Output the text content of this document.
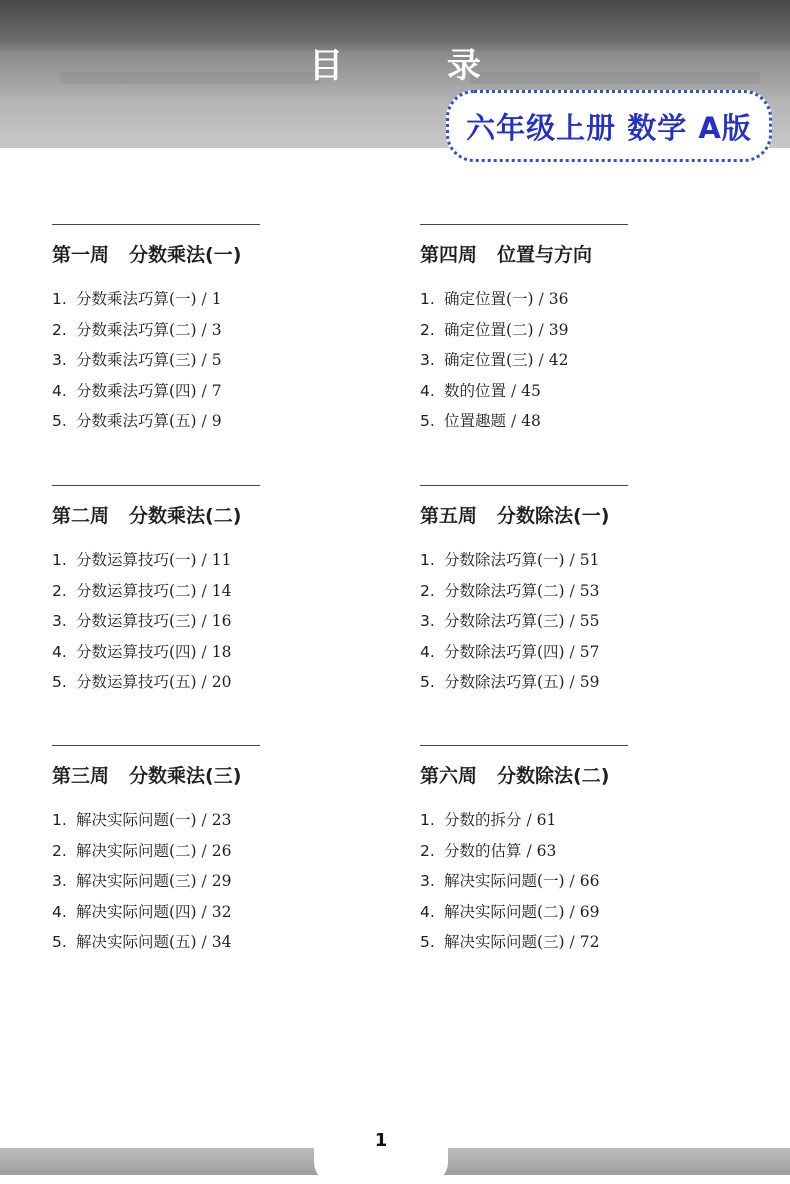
目 录
六年级上册 数学 A版
第一周 分数乘法(一)
1. 分数乘法巧算(一) / 1
2. 分数乘法巧算(二) / 3
3. 分数乘法巧算(三) / 5
4. 分数乘法巧算(四) / 7
5. 分数乘法巧算(五) / 9
第四周 位置与方向
1. 确定位置(一) / 36
2. 确定位置(二) / 39
3. 确定位置(三) / 42
4. 数的位置 / 45
5. 位置趣题 / 48
第二周 分数乘法(二)
1. 分数运算技巧(一) / 11
2. 分数运算技巧(二) / 14
3. 分数运算技巧(三) / 16
4. 分数运算技巧(四) / 18
5. 分数运算技巧(五) / 20
第五周 分数除法(一)
1. 分数除法巧算(一) / 51
2. 分数除法巧算(二) / 53
3. 分数除法巧算(三) / 55
4. 分数除法巧算(四) / 57
5. 分数除法巧算(五) / 59
第三周 分数乘法(三)
1. 解决实际问题(一) / 23
2. 解决实际问题(二) / 26
3. 解决实际问题(三) / 29
4. 解决实际问题(四) / 32
5. 解决实际问题(五) / 34
第六周 分数除法(二)
1. 分数的拆分 / 61
2. 分数的估算 / 63
3. 解决实际问题(一) / 66
4. 解决实际问题(二) / 69
5. 解决实际问题(三) / 72
1
